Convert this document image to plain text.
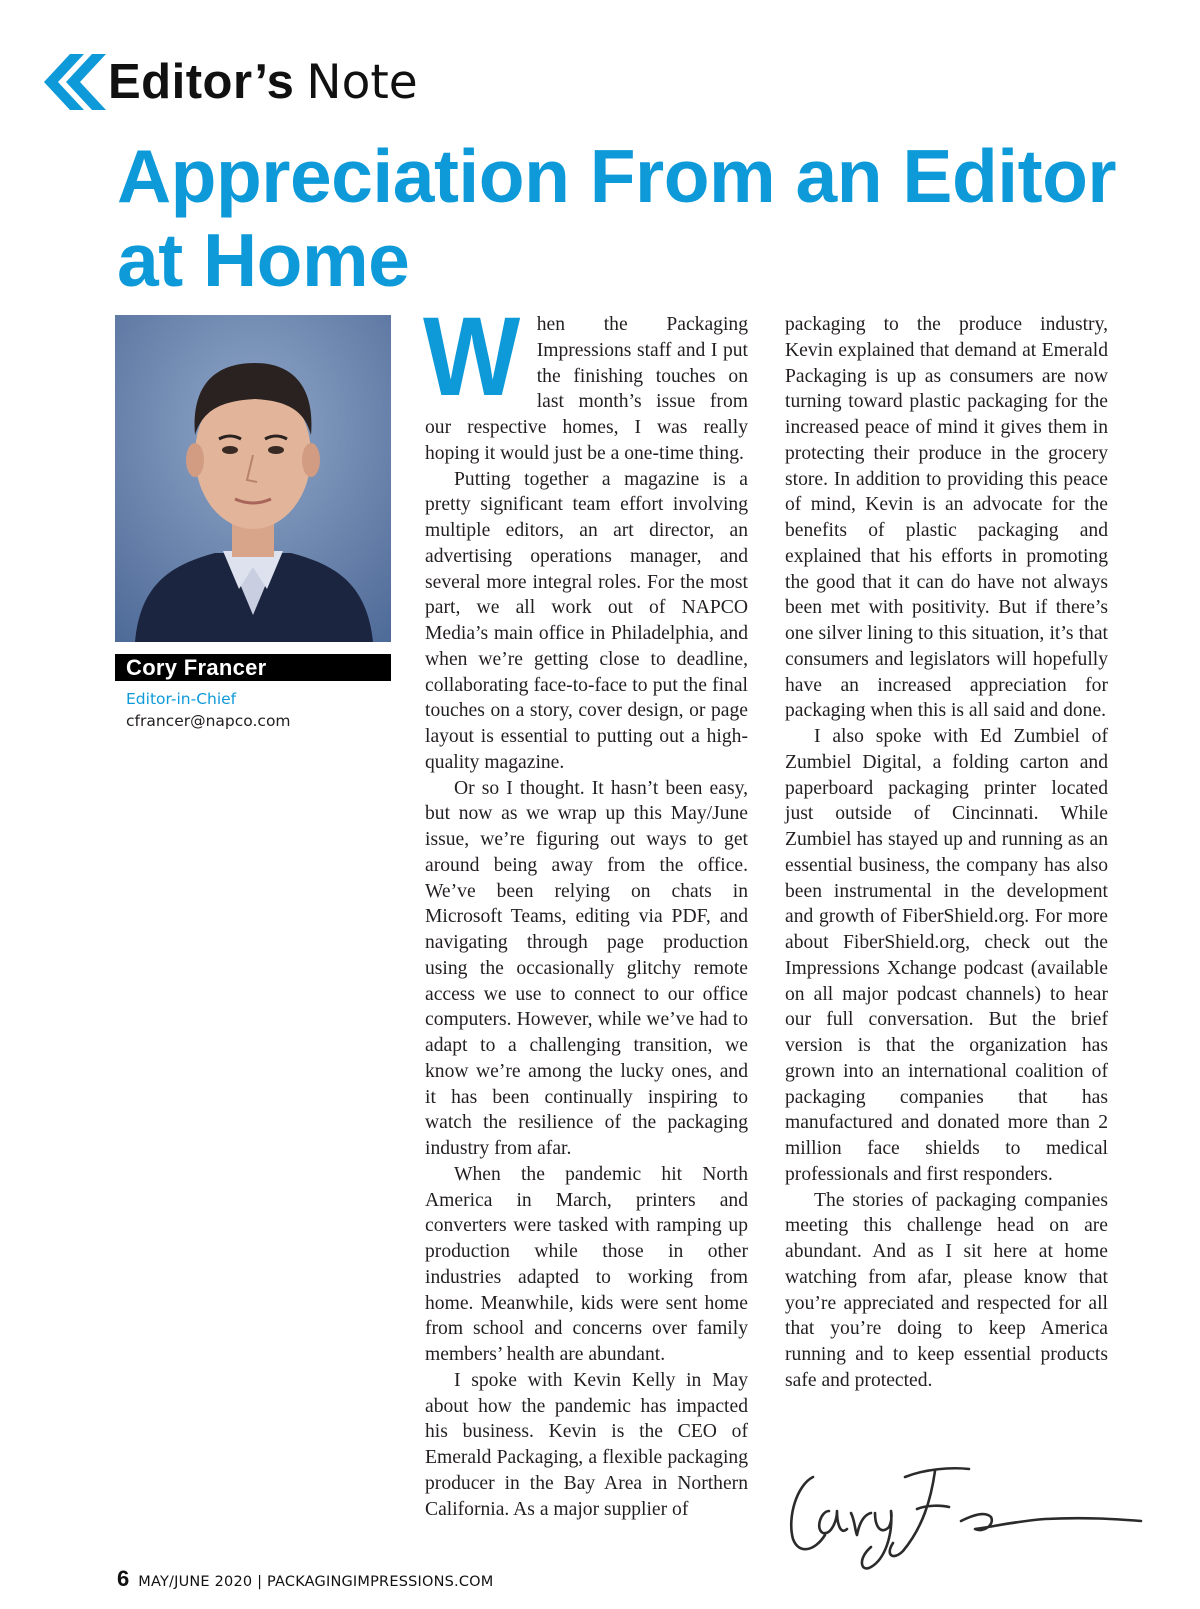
Editor’s Note
Appreciation From an Editor at Home
Cory Francer
Editor-in-Chief
cfrancer@napco.com
W hen the Packaging Impressions staff and I put the finishing touches on last month’s issue from our respective homes, I was really hoping it would just be a one-time thing.

Putting together a magazine is a pretty significant team effort involving multiple editors, an art director, an advertising operations manager, and several more integral roles. For the most part, we all work out of NAPCO Media’s main office in Philadelphia, and when we’re getting close to deadline, collaborating face-to-face to put the final touches on a story, cover design, or page layout is essential to putting out a high-quality magazine.

Or so I thought. It hasn’t been easy, but now as we wrap up this May/June issue, we’re figuring out ways to get around being away from the office. We’ve been relying on chats in Microsoft Teams, editing via PDF, and navigating through page production using the occasionally glitchy remote access we use to connect to our office computers. However, while we’ve had to adapt to a challenging transition, we know we’re among the lucky ones, and it has been continually inspiring to watch the resilience of the packaging industry from afar.

When the pandemic hit North America in March, printers and converters were tasked with ramping up production while those in other industries adapted to working from home. Meanwhile, kids were sent home from school and concerns over family members’ health are abundant.

I spoke with Kevin Kelly in May about how the pandemic has impacted his business. Kevin is the CEO of Emerald Packaging, a flexible packaging producer in the Bay Area in Northern California. As a major supplier of

packaging to the produce industry, Kevin explained that demand at Emerald Packaging is up as consumers are now turning toward plastic packaging for the increased peace of mind it gives them in protecting their produce in the grocery store. In addition to providing this peace of mind, Kevin is an advocate for the benefits of plastic packaging and explained that his efforts in promoting the good that it can do have not always been met with positivity. But if there’s one silver lining to this situation, it’s that consumers and legislators will hopefully have an increased appreciation for packaging when this is all said and done.

I also spoke with Ed Zumbiel of Zumbiel Digital, a folding carton and paperboard packaging printer located just outside of Cincinnati. While Zumbiel has stayed up and running as an essential business, the company has also been instrumental in the development and growth of FiberShield.org. For more about FiberShield.org, check out the Impressions Xchange podcast (available on all major podcast channels) to hear our full conversation. But the brief version is that the organization has grown into an international coalition of packaging companies that has manufactured and donated more than 2 million face shields to medical professionals and first responders.

The stories of packaging companies meeting this challenge head on are abundant. And as I sit here at home watching from afar, please know that you’re appreciated and respected for all that you’re doing to keep America running and to keep essential products safe and protected.

6 MAY/JUNE 2020 | PACKAGINGIMPRESSIONS.COM
